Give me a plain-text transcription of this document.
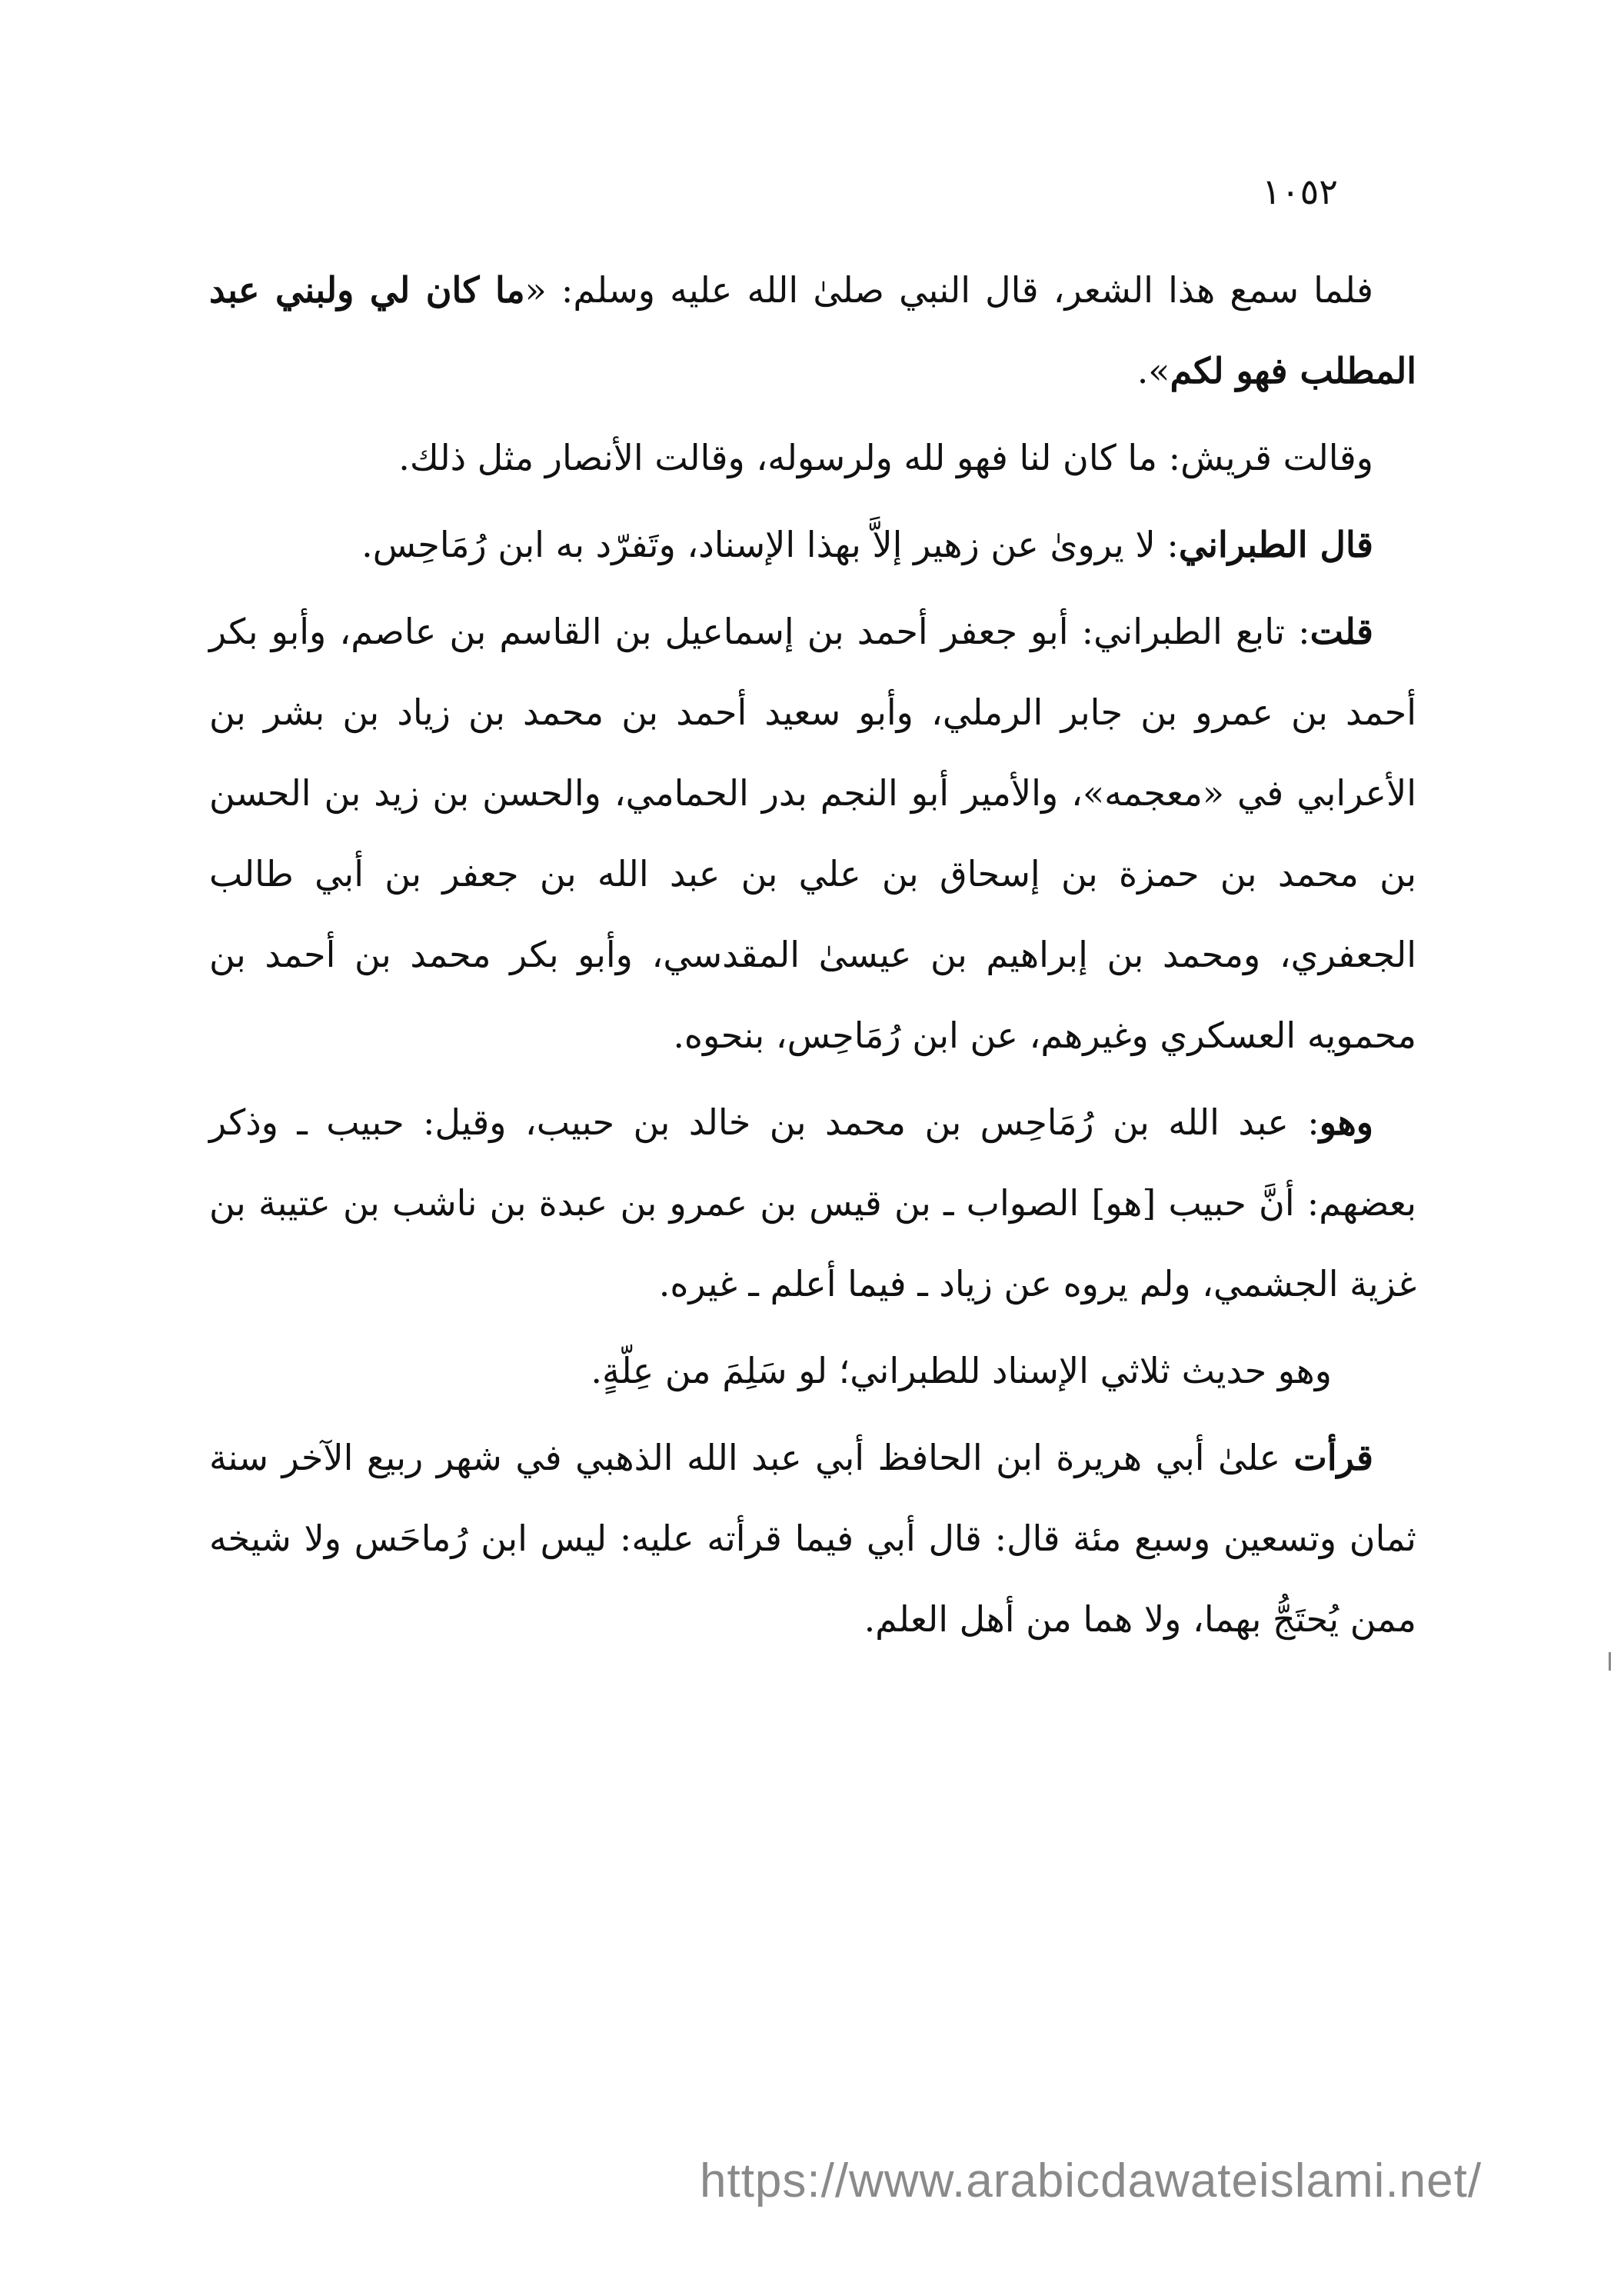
١٠٥٢

فلما سمع هذا الشعر، قال النبي صلىٰ الله عليه وسلم: «ما كان لي ولبني عبد المطلب فهو لكم».

وقالت قريش: ما كان لنا فهو لله ولرسوله، وقالت الأنصار مثل ذلك.

قال الطبراني: لا يرویٰ عن زهير إلاَّ بهذا الإسناد، وتَفرّد به ابن رُمَاحِس.

قلت: تابع الطبراني: أبو جعفر أحمد بن إسماعيل بن القاسم بن عاصم، وأبو بكر أحمد بن عمرو بن جابر الرملي، وأبو سعيد أحمد بن محمد بن زياد بن بشر بن الأعرابي في «معجمه»، والأمير أبو النجم بدر الحمامي، والحسن بن زيد بن الحسن بن محمد بن حمزة بن إسحاق بن علي بن عبد الله بن جعفر بن أبي طالب الجعفري، ومحمد بن إبراهيم بن عيسىٰ المقدسي، وأبو بكر محمد بن أحمد بن محمويه العسكري وغيرهم، عن ابن رُمَاحِس، بنحوه.

وهو: عبد الله بن رُمَاحِس بن محمد بن خالد بن حبيب، وقيل: حبيب ـ وذكر بعضهم: أنَّ حبيب [هو] الصواب ـ بن قيس بن عمرو بن عبدة بن ناشب بن عتيبة بن غزية الجشمي، ولم يروه عن زياد ـ فيما أعلم ـ غيره.

وهو حديث ثلاثي الإسناد للطبراني؛ لو سَلِمَ من عِلّةٍ.

قرأت علىٰ أبي هريرة ابن الحافظ أبي عبد الله الذهبي في شهر ربيع الآخر سنة ثمان وتسعين وسبع مئة قال: قال أبي فيما قرأته عليه: ليس ابن رُماحَس ولا شيخه ممن يُحتَجُّ بهما، ولا هما من أهل العلم.

https://www.arabicdawateislami.net/
